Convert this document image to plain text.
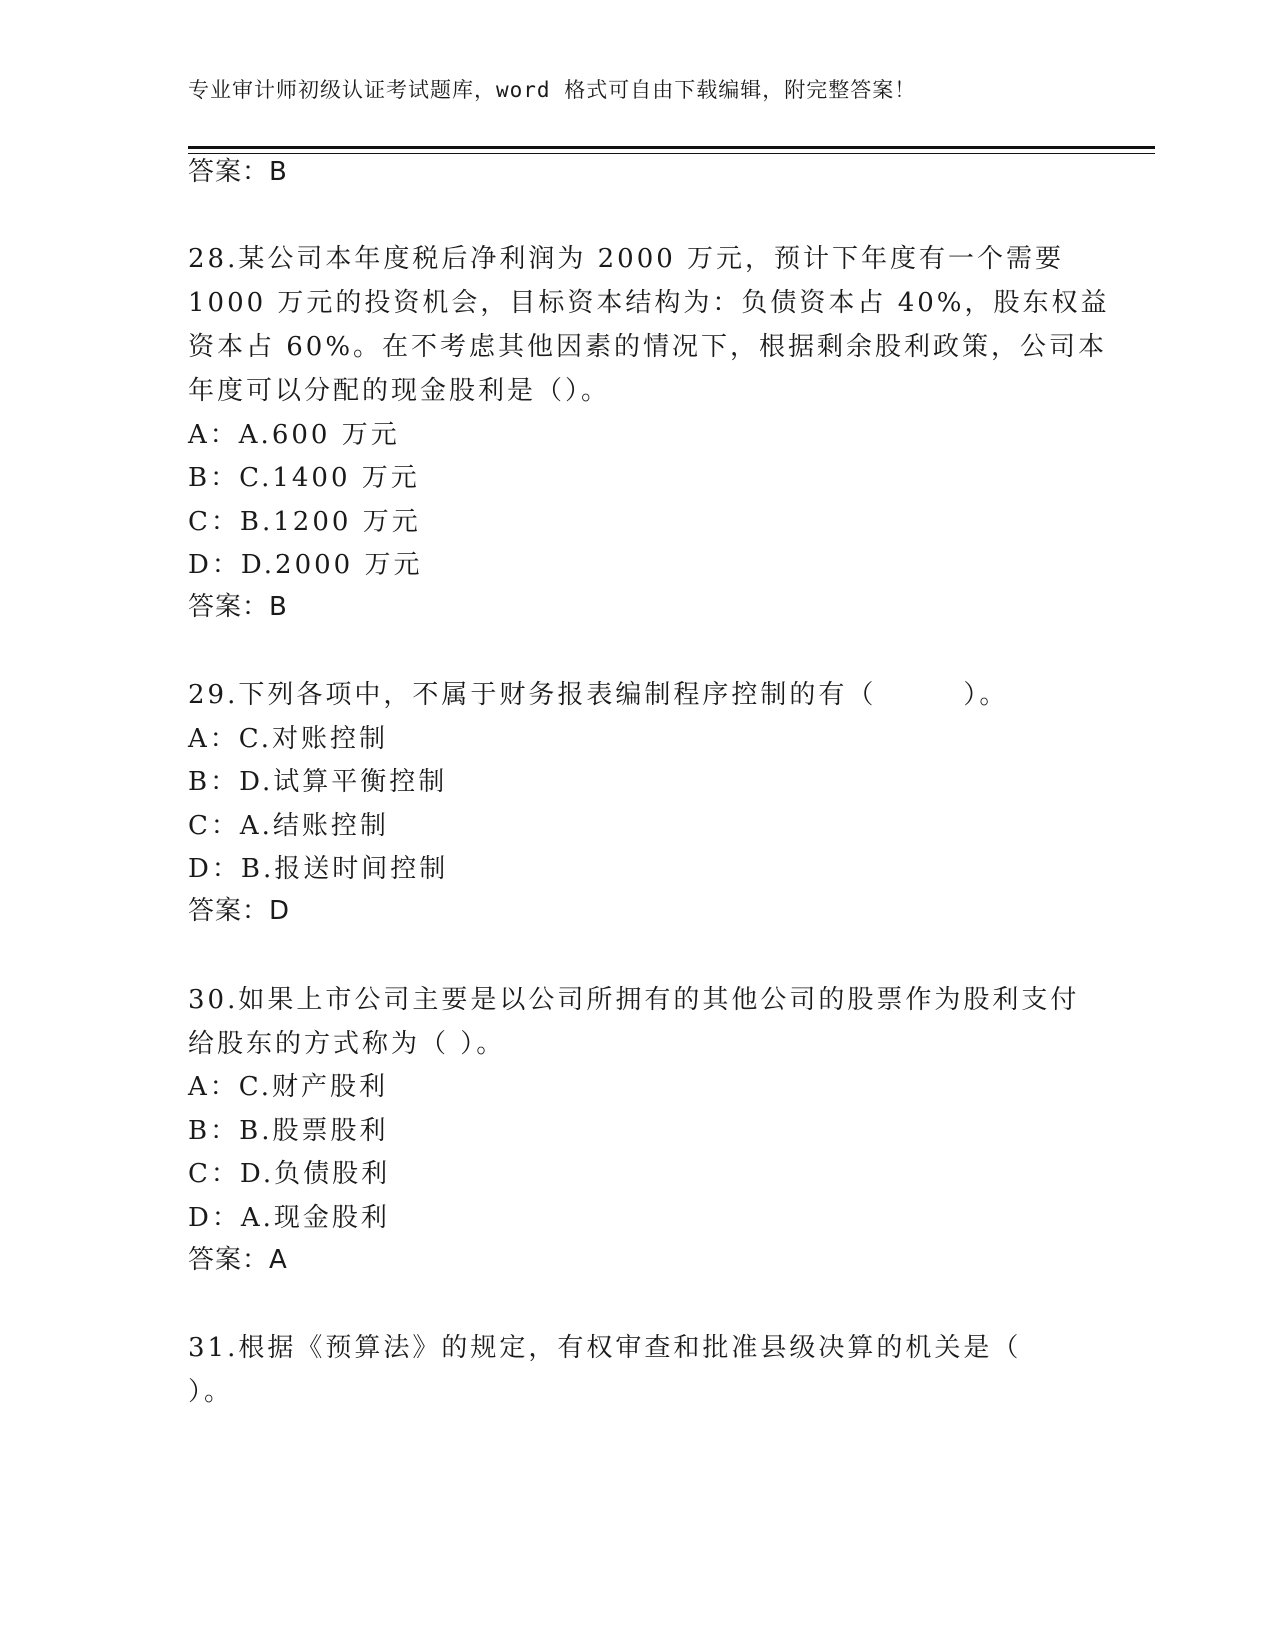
专业审计师初级认证考试题库，word 格式可自由下载编辑，附完整答案！
答案：B
28.某公司本年度税后净利润为 2000 万元，预计下年度有一个需要
1000 万元的投资机会，目标资本结构为：负债资本占 40%，股东权益
资本占 60%。在不考虑其他因素的情况下，根据剩余股利政策，公司本
年度可以分配的现金股利是（）。
A：A.600 万元
B：C.1400 万元
C：B.1200 万元
D：D.2000 万元
答案：B
29.下列各项中，不属于财务报表编制程序控制的有（　　　）。
A：C.对账控制
B：D.试算平衡控制
C：A.结账控制
D：B.报送时间控制
答案：D
30.如果上市公司主要是以公司所拥有的其他公司的股票作为股利支付
给股东的方式称为（ ）。
A：C.财产股利
B：B.股票股利
C：D.负债股利
D：A.现金股利
答案：A
31.根据《预算法》的规定，有权审查和批准县级决算的机关是（
）。
